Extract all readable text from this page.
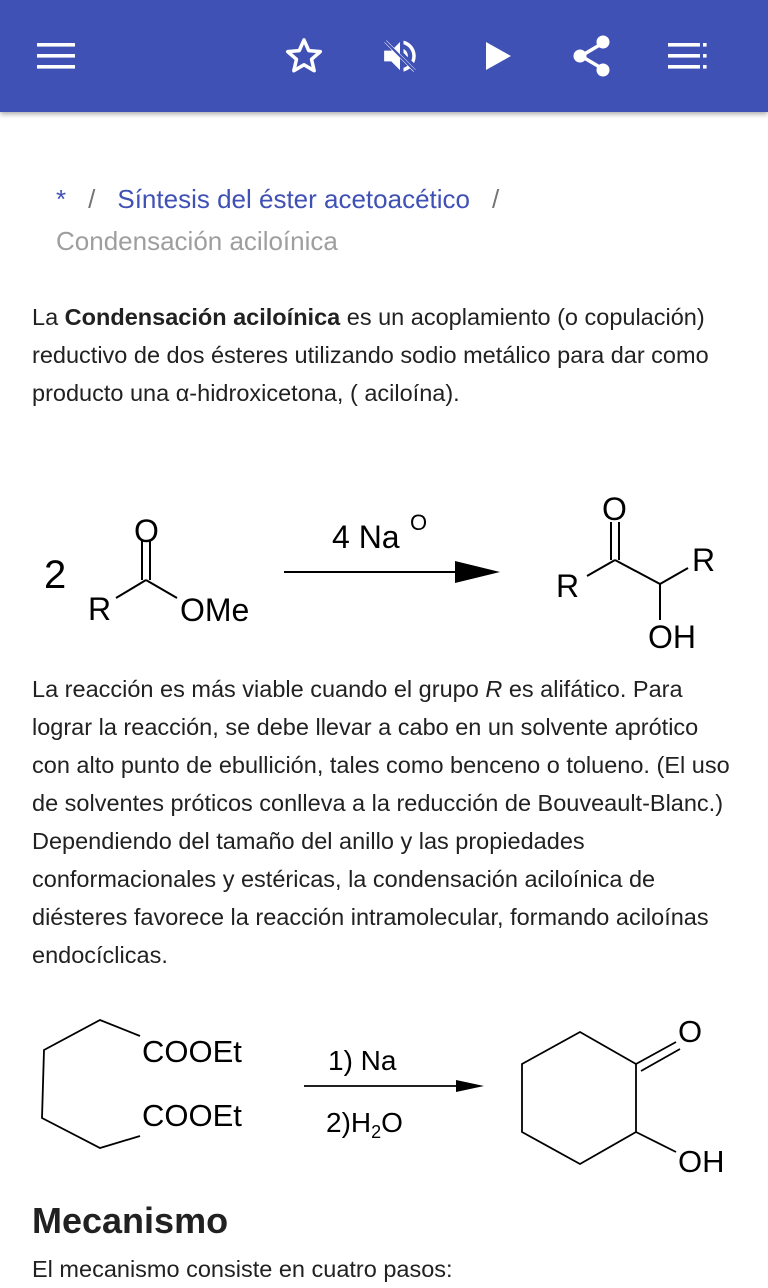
* / Síntesis del éster acetoacético /
Condensación aciloínica

La Condensación aciloínica es un acoplamiento (o copulación) reductivo de dos ésteres utilizando sodio metálico para dar como producto una α-hidroxicetona, ( aciloína).

2
O
R OMe
4 Na O	O
R
R
OH

La reacción es más viable cuando el grupo R es alifático. Para lograr la reacción, se debe llevar a cabo en un solvente aprótico con alto punto de ebullición, tales como benceno o tolueno. (El uso de solventes próticos conlleva a la reducción de Bouveault-Blanc.) Dependiendo del tamaño del anillo y las propiedades conformacionales y estéricas, la condensación aciloínica de diésteres favorece la reacción intramolecular, formando aciloínas endocíclicas.

COOEt
COOEt
1) Na
$2)H_2O$
O
OH
Mecanismo

El mecanismo consiste en cuatro pasos:
